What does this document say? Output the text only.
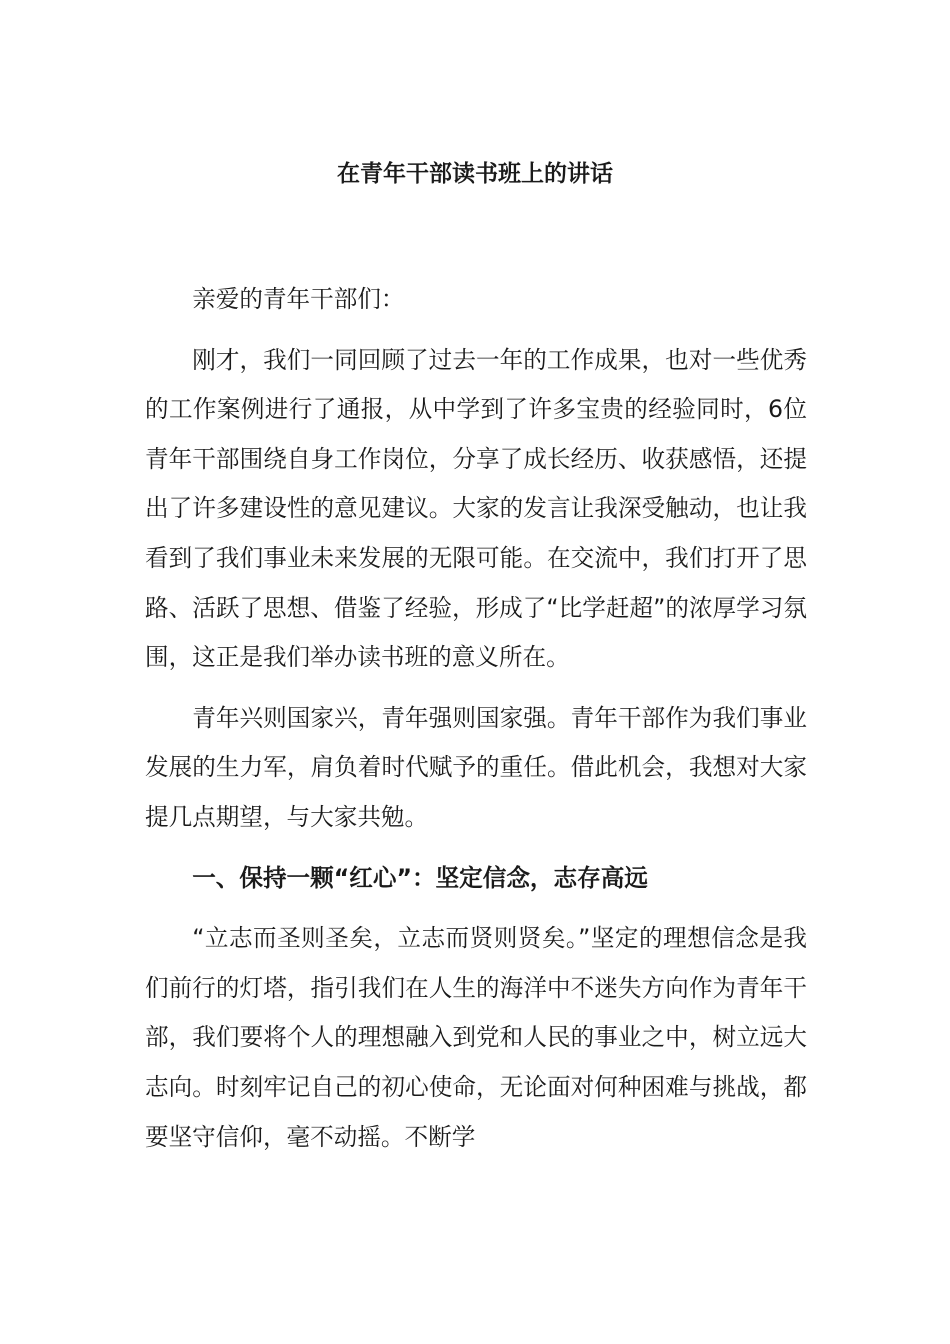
在青年干部读书班上的讲话

亲爱的青年干部们：

刚才，我们一同回顾了过去一年的工作成果，也对一些优秀的工作案例进行了通报，从中学到了许多宝贵的经验同时，6位青年干部围绕自身工作岗位，分享了成长经历、收获感悟，还提出了许多建设性的意见建议。大家的发言让我深受触动，也让我看到了我们事业未来发展的无限可能。在交流中，我们打开了思路、活跃了思想、借鉴了经验，形成了“比学赶超”的浓厚学习氛围，这正是我们举办读书班的意义所在。

青年兴则国家兴，青年强则国家强。青年干部作为我们事业发展的生力军，肩负着时代赋予的重任。借此机会，我想对大家提几点期望，与大家共勉。

一、保持一颗“红心”：坚定信念，志存高远

“立志而圣则圣矣，立志而贤则贤矣。”坚定的理想信念是我们前行的灯塔，指引我们在人生的海洋中不迷失方向作为青年干部，我们要将个人的理想融入到党和人民的事业之中，树立远大志向。时刻牢记自己的初心使命，无论面对何种困难与挑战，都要坚守信仰，毫不动摇。不断学
